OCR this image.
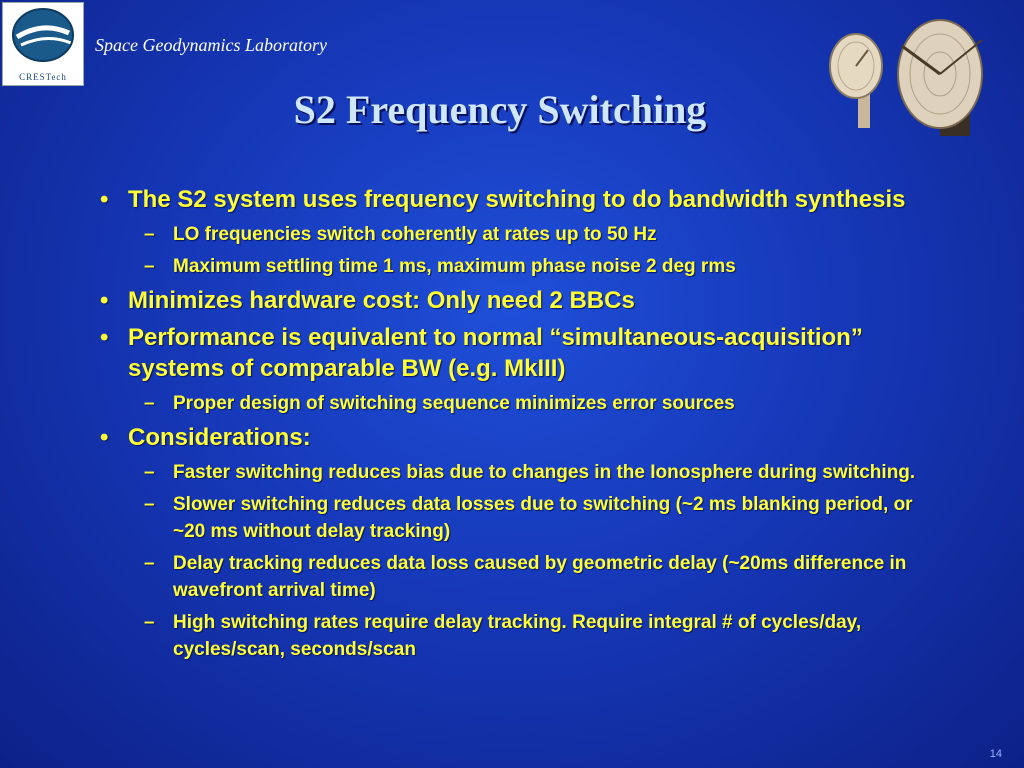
CRESTech
Space Geodynamics Laboratory
S2 Frequency Switching
• The S2 system uses frequency switching to do bandwidth synthesis
– LO frequencies switch coherently at rates up to 50 Hz
– Maximum settling time 1 ms, maximum phase noise 2 deg rms
• Minimizes hardware cost: Only need 2 BBCs
• Performance is equivalent to normal “simultaneous-acquisition” systems of comparable BW (e.g. MkIII)
– Proper design of switching sequence minimizes error sources
• Considerations:
– Faster switching reduces bias due to changes in the Ionosphere during switching.
– Slower switching reduces data losses due to switching (~2 ms blanking period, or ~20 ms without delay tracking)
– Delay tracking reduces data loss caused by geometric delay (~20ms difference in wavefront arrival time)
– High switching rates require delay tracking. Require integral # of cycles/day, cycles/scan, seconds/scan
14
